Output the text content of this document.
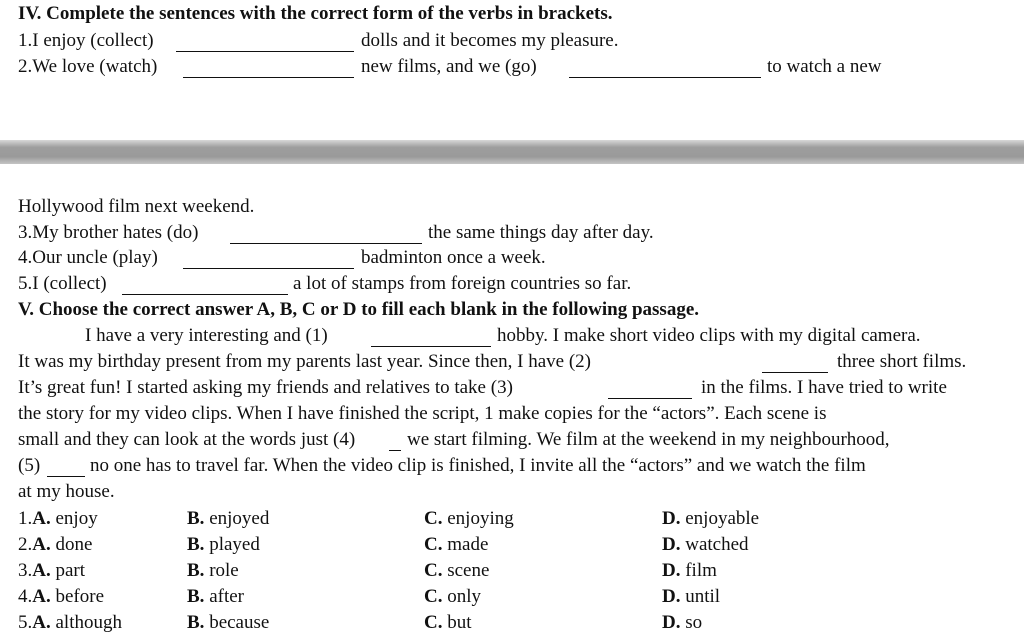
IV. Complete the sentences with the correct form of the verbs in brackets.
1.I enjoy (collect)	dolls and it becomes my pleasure.
2.We love (watch)	new films, and we (go)	to watch a new
Hollywood film next weekend.
3.My brother hates (do)	the same things day after day.
4.Our uncle (play)	badminton once a week.
5.I (collect)	a lot of stamps from foreign countries so far.
V. Choose the correct answer A, B, C or D to fill each blank in the following passage.
I have a very interesting and (1)	hobby. I make short video clips with my digital camera.
It was my birthday present from my parents last year. Since then, I have (2)	three short films.
It’s great fun! I started asking my friends and relatives to take (3)	in the films. I have tried to write
the story for my video clips. When I have finished the script, 1 make copies for the “actors”. Each scene is
small and they can look at the words just (4)	we start filming. We film at the weekend in my neighbourhood,
(5)	no one has to travel far. When the video clip is finished, I invite all the “actors” and we watch the film
at my house.
1.A. enjoy	B. enjoyed	C. enjoying	D. enjoyable
2.A. done	B. played	C. made	D. watched
3.A. part	B. role	C. scene	D. film
4.A. before	B. after	C. only	D. until
5.A. although	B. because	C. but	D. so
